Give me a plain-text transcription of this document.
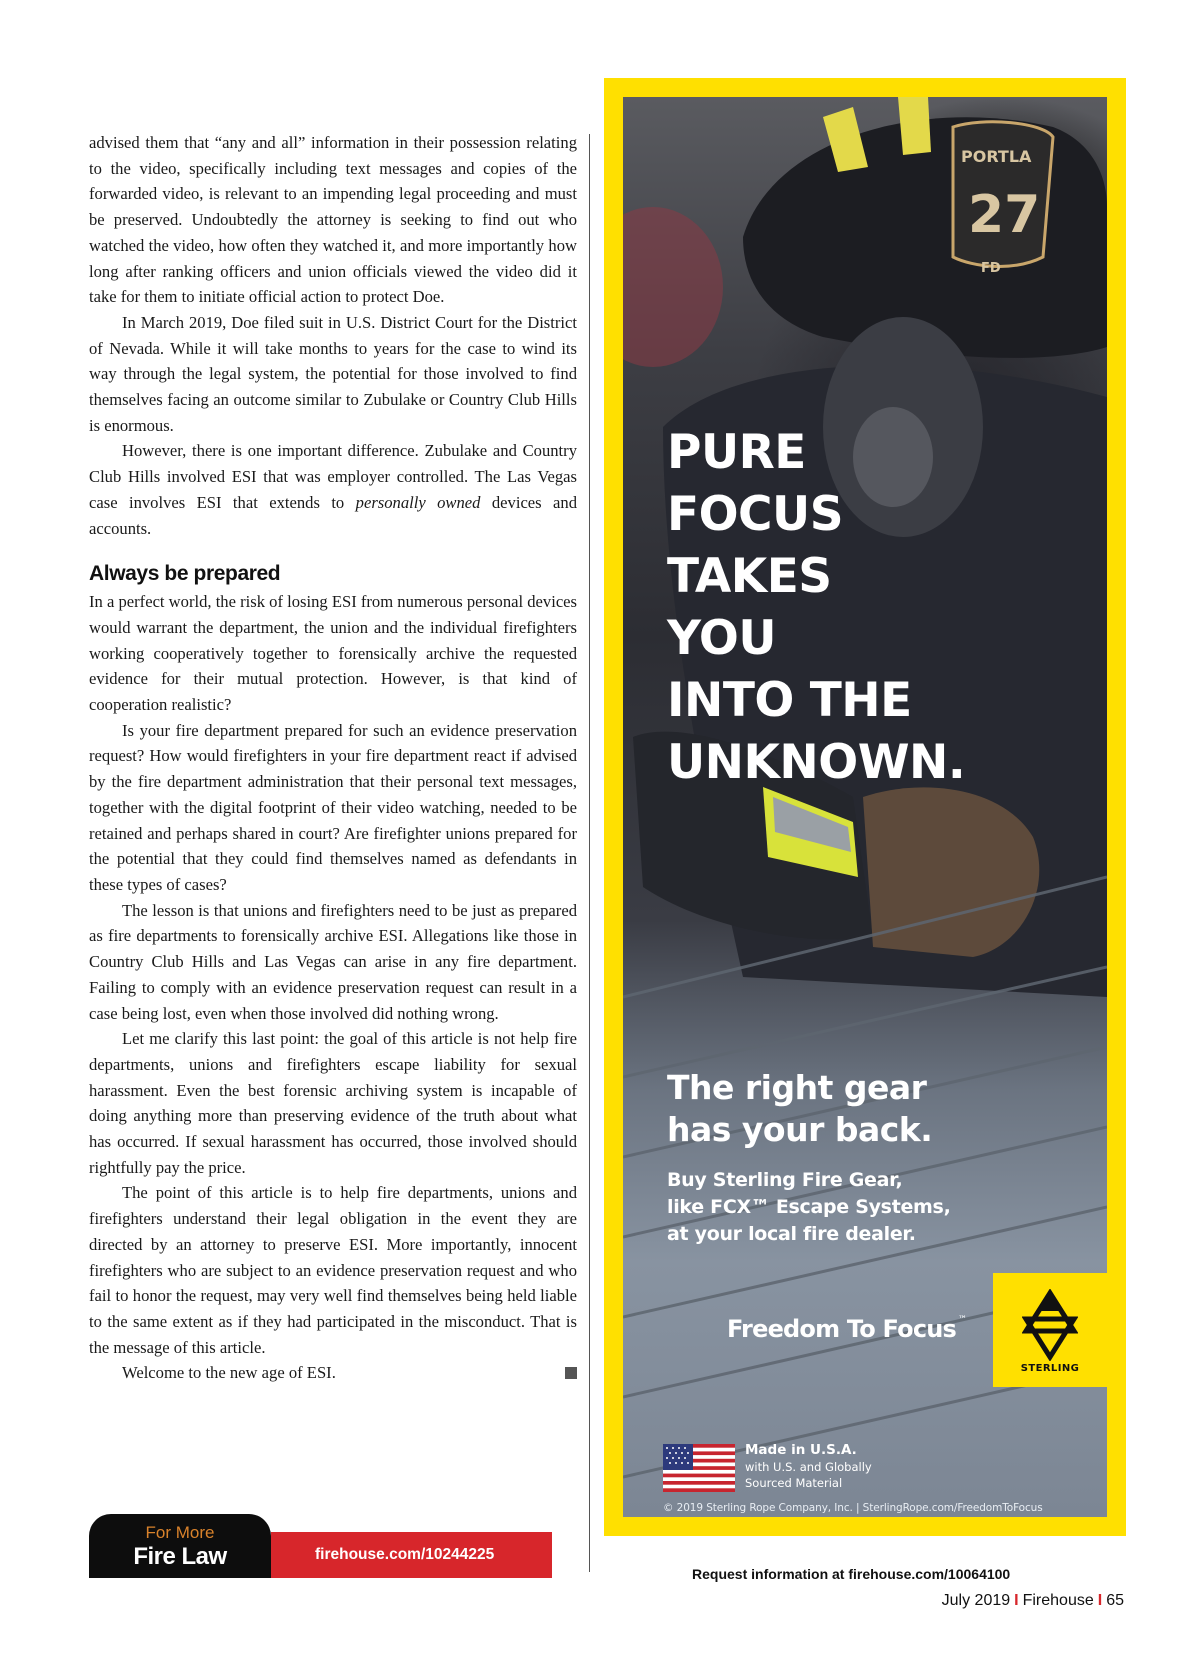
advised them that “any and all” information in their possession relating to the video, specifically including text messages and copies of the forwarded video, is relevant to an impending legal proceeding and must be preserved. Undoubtedly the attorney is seeking to find out who watched the video, how often they watched it, and more importantly how long after ranking officers and union officials viewed the video did it take for them to initiate official action to protect Doe.

In March 2019, Doe filed suit in U.S. District Court for the District of Nevada. While it will take months to years for the case to wind its way through the legal system, the potential for those involved to find themselves facing an outcome similar to Zubulake or Country Club Hills is enormous.

However, there is one important difference. Zubulake and Country Club Hills involved ESI that was employer controlled. The Las Vegas case involves ESI that extends to personally owned devices and accounts.

Always be prepared

In a perfect world, the risk of losing ESI from numerous personal devices would warrant the department, the union and the individual firefighters working cooperatively together to forensically archive the requested evidence for their mutual protection. However, is that kind of cooperation realistic?

Is your fire department prepared for such an evidence preservation request? How would firefighters in your fire department react if advised by the fire department administration that their personal text messages, together with the digital footprint of their video watching, needed to be retained and perhaps shared in court? Are firefighter unions prepared for the potential that they could find themselves named as defendants in these types of cases?

The lesson is that unions and firefighters need to be just as prepared as fire departments to forensically archive ESI. Allegations like those in Country Club Hills and Las Vegas can arise in any fire department. Failing to comply with an evidence preservation request can result in a case being lost, even when those involved did nothing wrong.

Let me clarify this last point: the goal of this article is not help fire departments, unions and firefighters escape liability for sexual harassment. Even the best forensic archiving system is incapable of doing anything more than preserving evidence of the truth about what has occurred. If sexual harassment has occurred, those involved should rightfully pay the price.

The point of this article is to help fire departments, unions and firefighters understand their legal obligation in the event they are directed by an attorney to preserve ESI. More importantly, innocent firefighters who are subject to an evidence preservation request and who fail to honor the request, may very well find themselves being held liable to the same extent as if they had participated in the misconduct. That is the message of this article.

Welcome to the new age of ESI.

For More
Fire Law	firehouse.com/10244225
PORTLA
27
FD
PURE
FOCUS
TAKES
YOU
INTO THE
UNKNOWN.
The right gear
has your back.
Buy Sterling Fire Gear,
like FCX™ Escape Systems,
at your local fire dealer.
Freedom To Focus ™
STERLING
Made in U.S.A.
with U.S. and Globally
Sourced Material
© 2019 Sterling Rope Company, Inc. | SterlingRope.com/FreedomToFocus
Request information at firehouse.com/10064100
July 2019 I Firehouse I 65
